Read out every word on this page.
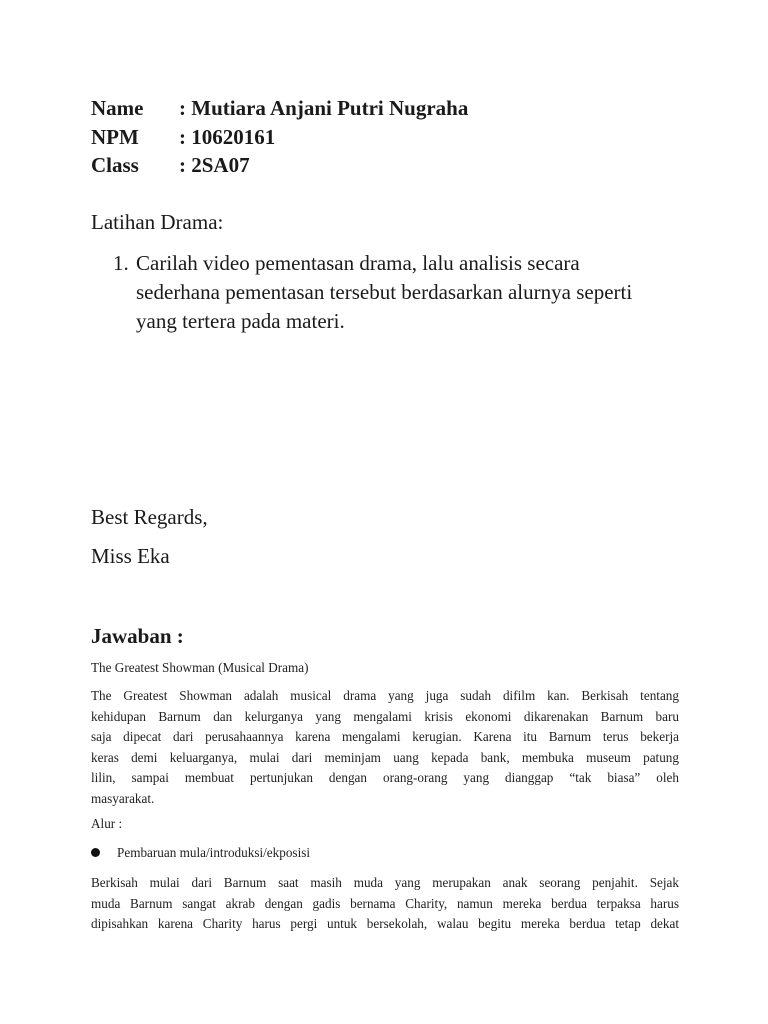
Name : Mutiara Anjani Putri Nugraha
NPM : 10620161
Class : 2SA07
Latihan Drama:
1. Carilah video pementasan drama, lalu analisis secara
sederhana pementasan tersebut berdasarkan alurnya seperti
yang tertera pada materi.
Best Regards,
Miss Eka
Jawaban :
The Greatest Showman (Musical Drama)
The Greatest Showman adalah musical drama yang juga sudah difilm kan. Berkisah tentang
kehidupan Barnum dan kelurganya yang mengalami krisis ekonomi dikarenakan Barnum baru
saja dipecat dari perusahaannya karena mengalami kerugian. Karena itu Barnum terus bekerja
keras demi keluarganya, mulai dari meminjam uang kepada bank, membuka museum patung
lilin, sampai membuat pertunjukan dengan orang-orang yang dianggap “tak biasa” oleh
masyarakat.
Alur :
Pembaruan mula/introduksi/ekposisi
Berkisah mulai dari Barnum saat masih muda yang merupakan anak seorang penjahit. Sejak
muda Barnum sangat akrab dengan gadis bernama Charity, namun mereka berdua terpaksa harus
dipisahkan karena Charity harus pergi untuk bersekolah, walau begitu mereka berdua tetap dekat
